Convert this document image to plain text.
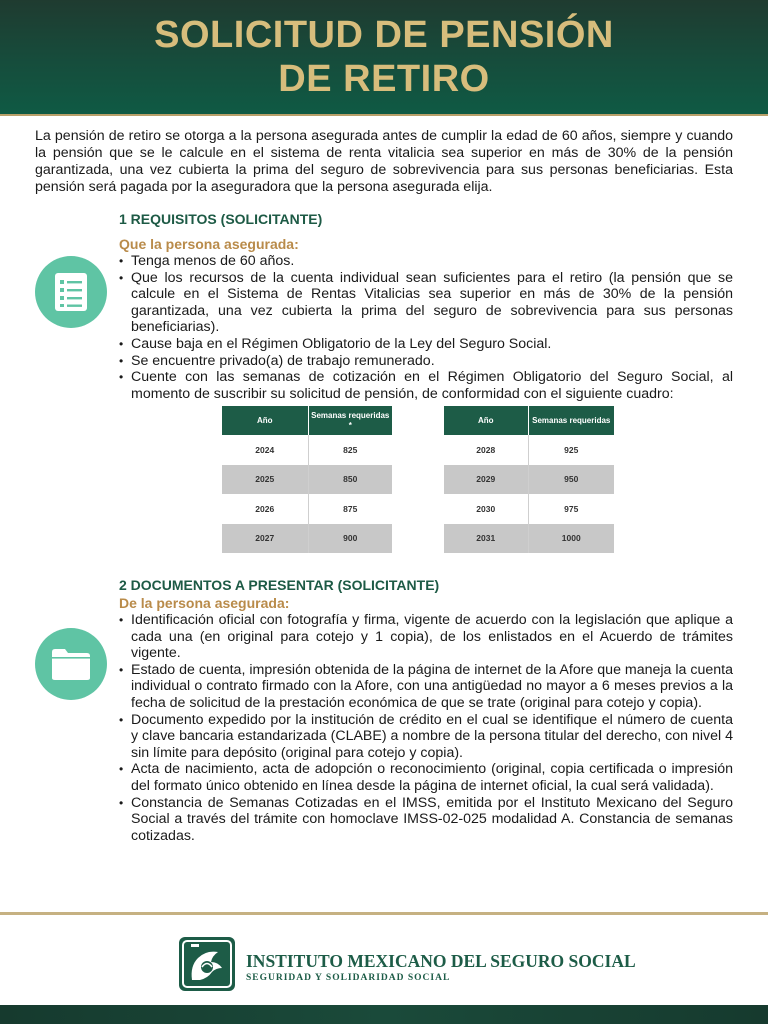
SOLICITUD DE PENSIÓN
DE RETIRO

La pensión de retiro se otorga a la persona asegurada antes de cumplir la edad de 60 años, siempre y cuando la pensión que se le calcule en el sistema de renta vitalicia sea superior en más de 30% de la pensión garantizada, una vez cubierta la prima del seguro de sobrevivencia para sus personas beneficiarias. Esta pensión será pagada por la aseguradora que la persona asegurada elija.

1 REQUISITOS (SOLICITANTE)
Que la persona asegurada:
• Tenga menos de 60 años.
• Que los recursos de la cuenta individual sean suficientes para el retiro (la pensión que se calcule en el Sistema de Rentas Vitalicias sea superior en más de 30% de la pensión garantizada, una vez cubierta la prima del seguro de sobrevivencia para sus personas beneficiarias).
• Cause baja en el Régimen Obligatorio de la Ley del Seguro Social.
• Se encuentre privado(a) de trabajo remunerado.
• Cuente con las semanas de cotización en el Régimen Obligatorio del Seguro Social, al momento de suscribir su solicitud de pensión, de conformidad con el siguiente cuadro:
Año	Semanas requeridas *
2024	825
2025	850
2026	875
2027	900
Año	Semanas requeridas
2028	925
2029	950
2030	975
2031	1000
2 DOCUMENTOS A PRESENTAR (SOLICITANTE)
De la persona asegurada:
• Identificación oficial con fotografía y firma, vigente de acuerdo con la legislación que aplique a cada una (en original para cotejo y 1 copia), de los enlistados en el Acuerdo de trámites vigente.
• Estado de cuenta, impresión obtenida de la página de internet de la Afore que maneja la cuenta individual o contrato firmado con la Afore, con una antigüedad no mayor a 6 meses previos a la fecha de solicitud de la prestación económica de que se trate (original para cotejo y copia).
• Documento expedido por la institución de crédito en el cual se identifique el número de cuenta y clave bancaria estandarizada (CLABE) a nombre de la persona titular del derecho, con nivel 4 sin límite para depósito (original para cotejo y copia).
• Acta de nacimiento, acta de adopción o reconocimiento (original, copia certificada o impresión del formato único obtenido en línea desde la página de internet oficial, la cual será validada).
• Constancia de Semanas Cotizadas en el IMSS, emitida por el Instituto Mexicano del Seguro Social a través del trámite con homoclave IMSS-02-025 modalidad A. Constancia de semanas cotizadas.
INSTITUTO MEXICANO DEL SEGURO SOCIAL
SEGURIDAD Y SOLIDARIDAD SOCIAL
